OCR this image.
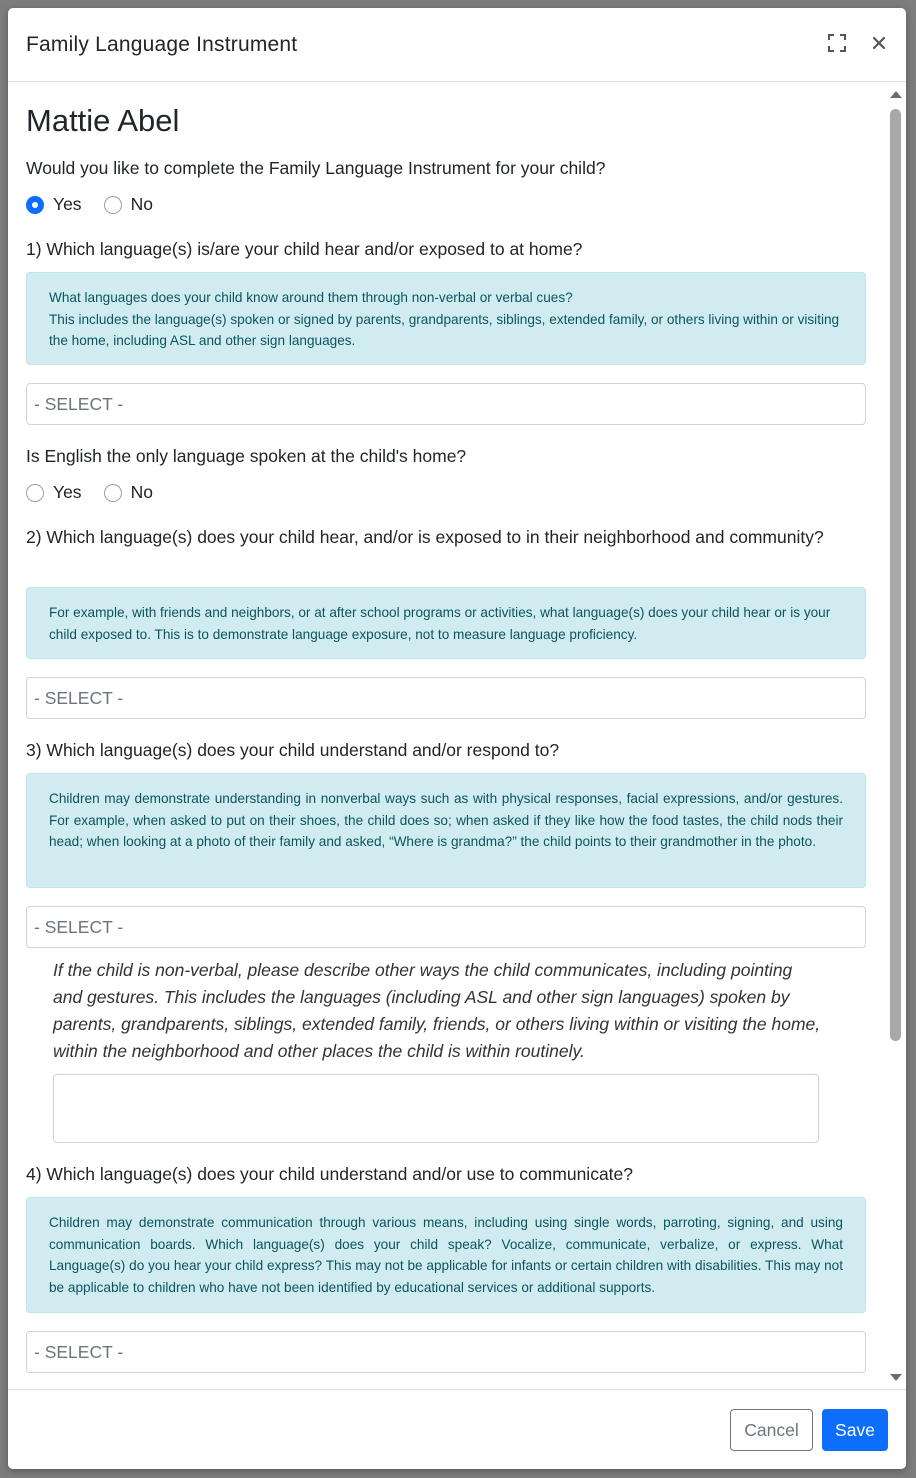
Family Language Instrument
Mattie Abel
Would you like to complete the Family Language Instrument for your child?
Yes	No
1) Which language(s) is/are your child hear and/or exposed to at home?
What languages does your child know around them through non-verbal or verbal cues?
This includes the language(s) spoken or signed by parents, grandparents, siblings, extended family, or others living within or visiting the home, including ASL and other sign languages.
- SELECT -
Is English the only language spoken at the child's home?
Yes	No
2) Which language(s) does your child hear, and/or is exposed to in their neighborhood and community?
For example, with friends and neighbors, or at after school programs or activities, what language(s) does your child hear or is your child exposed to. This is to demonstrate language exposure, not to measure language proficiency.
- SELECT -
3) Which language(s) does your child understand and/or respond to?
Children may demonstrate understanding in nonverbal ways such as with physical responses, facial expressions, and/or gestures. For example, when asked to put on their shoes, the child does so; when asked if they like how the food tastes, the child nods their head; when looking at a photo of their family and asked, “Where is grandma?” the child points to their grandmother in the photo.
- SELECT -
If the child is non-verbal, please describe other ways the child communicates, including pointing and gestures. This includes the languages (including ASL and other sign languages) spoken by parents, grandparents, siblings, extended family, friends, or others living within or visiting the home, within the neighborhood and other places the child is within routinely.
4) Which language(s) does your child understand and/or use to communicate?
Children may demonstrate communication through various means, including using single words, parroting, signing, and using communication boards. Which language(s) does your child speak? Vocalize, communicate, verbalize, or express. What Language(s) do you hear your child express? This may not be applicable for infants or certain children with disabilities. This may not be applicable to children who have not been identified by educational services or additional supports.
- SELECT -
Cancel	Save
